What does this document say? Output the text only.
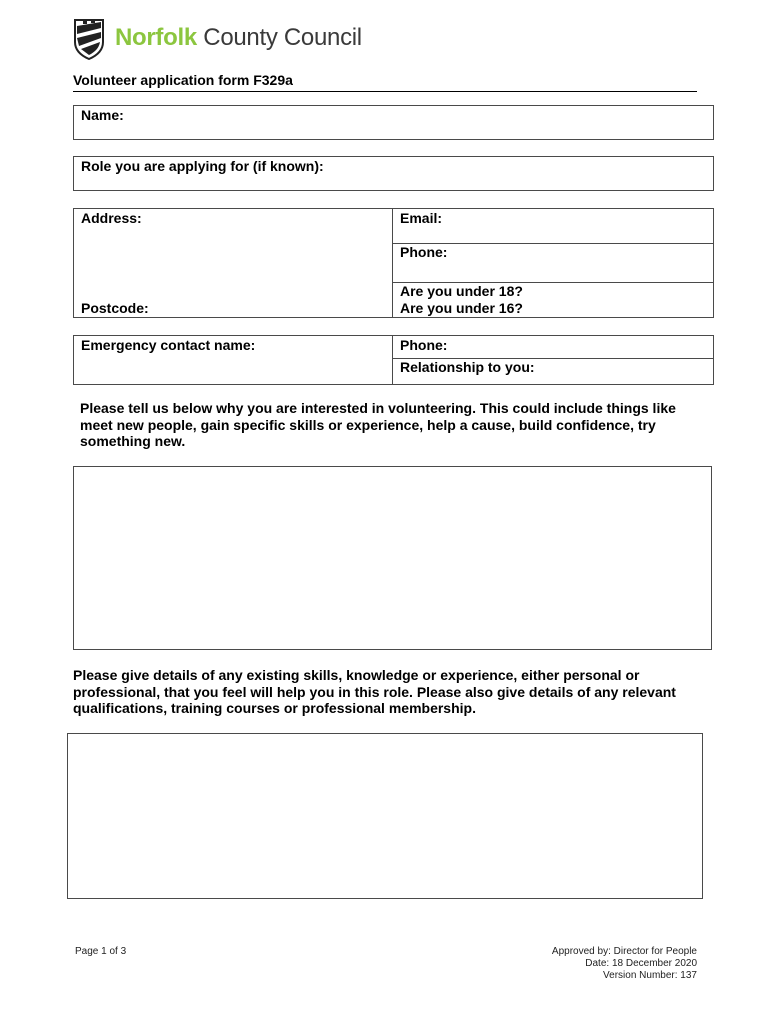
Norfolk County Council
Volunteer application form F329a
Name:
Role you are applying for (if known):
Address:
Postcode:
Email:
Phone:
Are you under 18?
Are you under 16?
Emergency contact name:	Phone:
Relationship to you:
Please tell us below why you are interested in volunteering. This could include things like meet new people, gain specific skills or experience, help a cause, build confidence, try something new.
Please give details of any existing skills, knowledge or experience, either personal or professional, that you feel will help you in this role. Please also give details of any relevant qualifications, training courses or professional membership.
Page 1 of 3	Approved by: Director for People
Date: 18 December 2020
Version Number: 137
